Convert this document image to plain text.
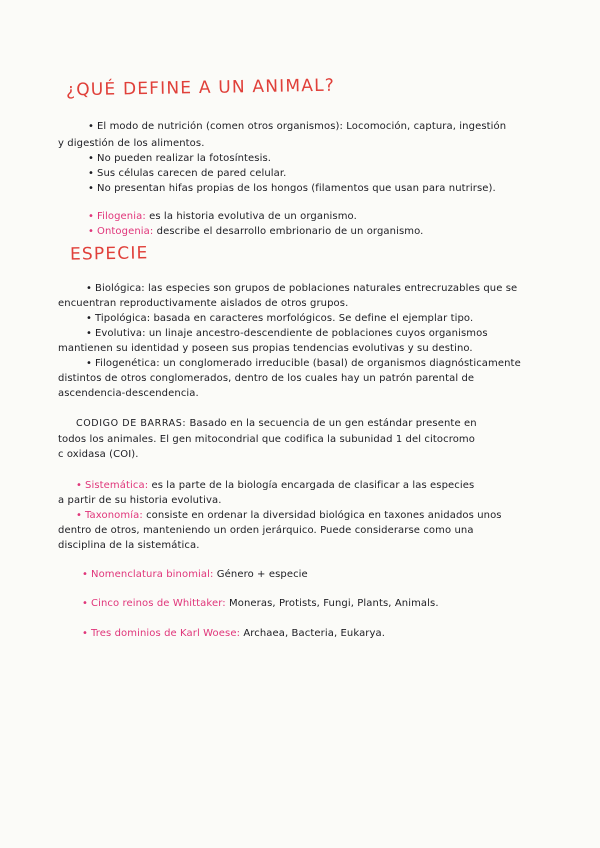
¿QUÉ DEFINE A UN ANIMAL?
• El modo de nutrición (comen otros organismos): Locomoción, captura, ingestión
y digestión de los alimentos.
• No pueden realizar la fotosíntesis.
• Sus células carecen de pared celular.
• No presentan hifas propias de los hongos (filamentos que usan para nutrirse).
• Filogenia: es la historia evolutiva de un organismo.
• Ontogenia: describe el desarrollo embrionario de un organismo.
ESPECIE
• Biológica: las especies son grupos de poblaciones naturales entrecruzables que se
encuentran reproductivamente aislados de otros grupos.
• Tipológica: basada en caracteres morfológicos. Se define el ejemplar tipo.
• Evolutiva: un linaje ancestro-descendiente de poblaciones cuyos organismos
mantienen su identidad y poseen sus propias tendencias evolutivas y su destino.
• Filogenética: un conglomerado irreducible (basal) de organismos diagnósticamente
distintos de otros conglomerados, dentro de los cuales hay un patrón parental de
ascendencia-descendencia.
CODIGO DE BARRAS: Basado en la secuencia de un gen estándar presente en
todos los animales. El gen mitocondrial que codifica la subunidad 1 del citocromo
c oxidasa (COI).
• Sistemática: es la parte de la biología encargada de clasificar a las especies
a partir de su historia evolutiva.
• Taxonomía: consiste en ordenar la diversidad biológica en taxones anidados unos
dentro de otros, manteniendo un orden jerárquico. Puede considerarse como una
disciplina de la sistemática.
• Nomenclatura binomial: Género + especie
• Cinco reinos de Whittaker: Moneras, Protists, Fungi, Plants, Animals.
• Tres dominios de Karl Woese: Archaea, Bacteria, Eukarya.
